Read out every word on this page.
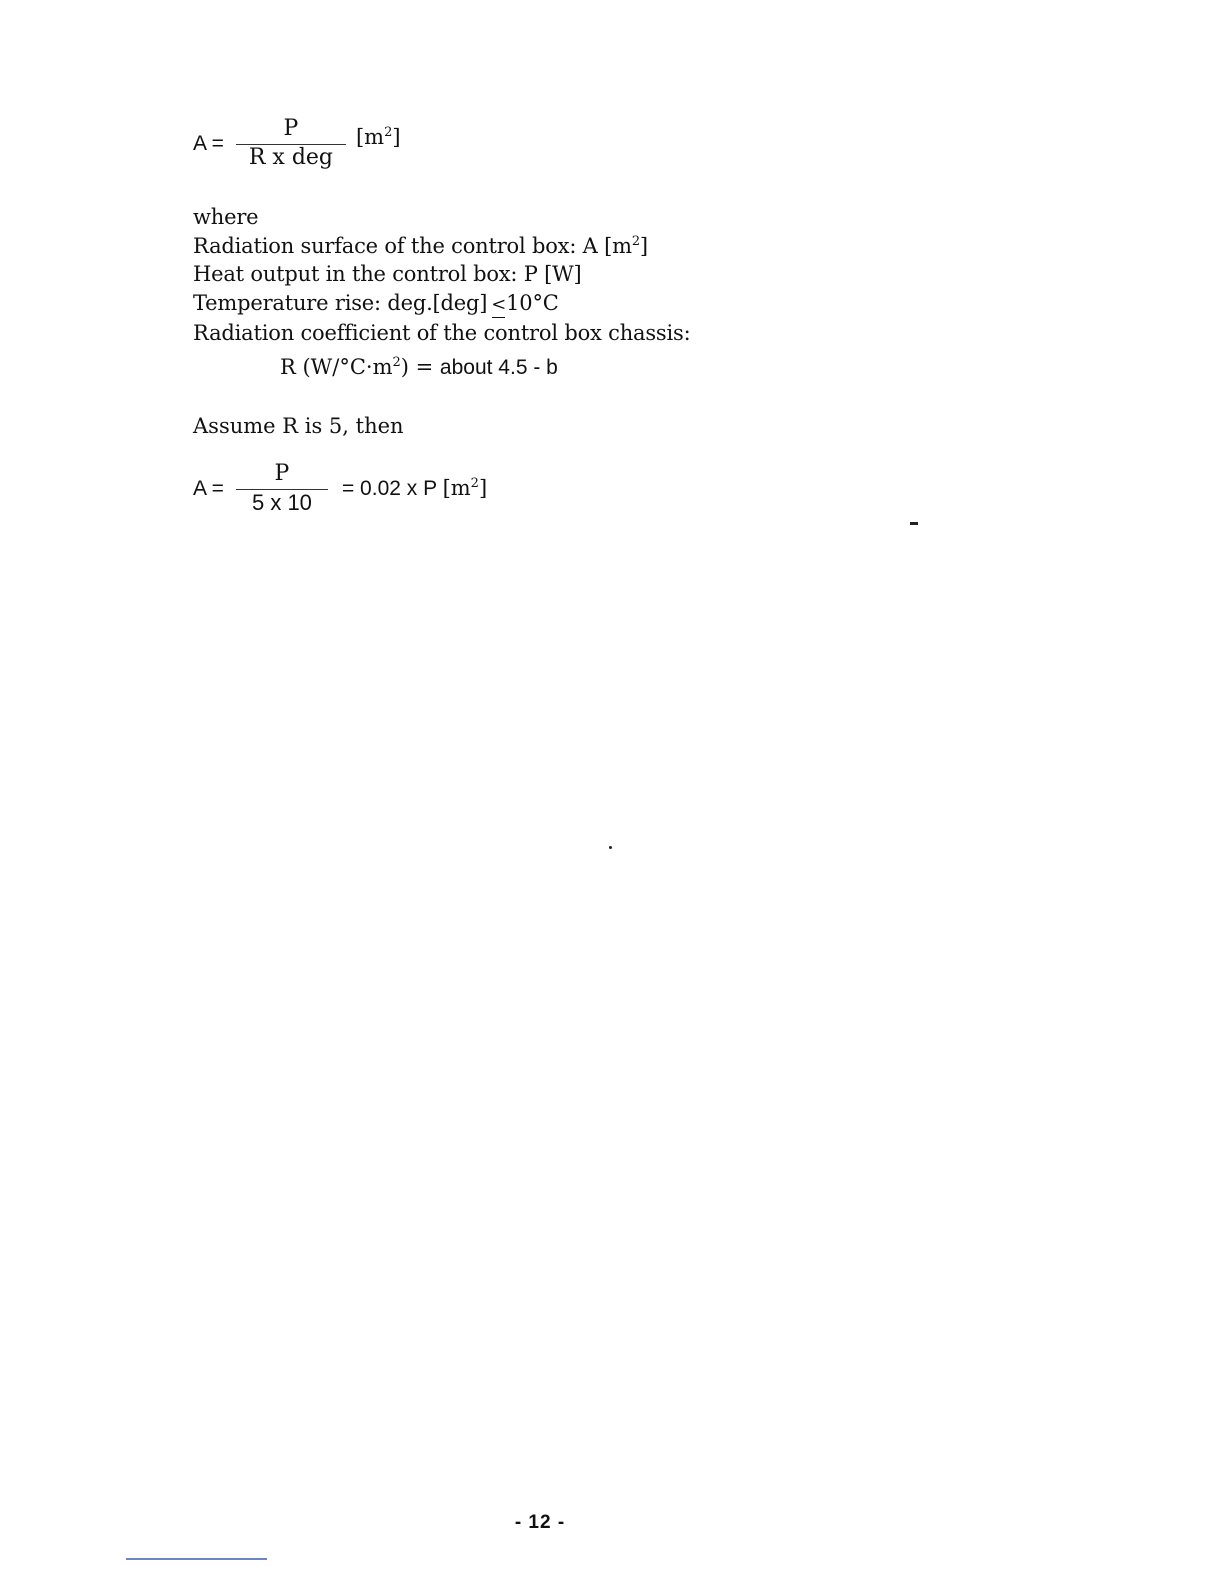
$A = \frac{P}{\text{R x deg}} [m^2]$
where
Radiation surface of the control box: A $[m^2]$
Heat output in the control box: P [W]
Temperature rise: deg.[deg] <10°C
Radiation coefficient of the control box chassis:
R $(W/^\circ C\cdot m^2)$ = about 4.5 - b
Assume R is 5, then
$A = \frac{P}{5 x 10} = 0.02$ x P $[m^2]$
- 12 -
